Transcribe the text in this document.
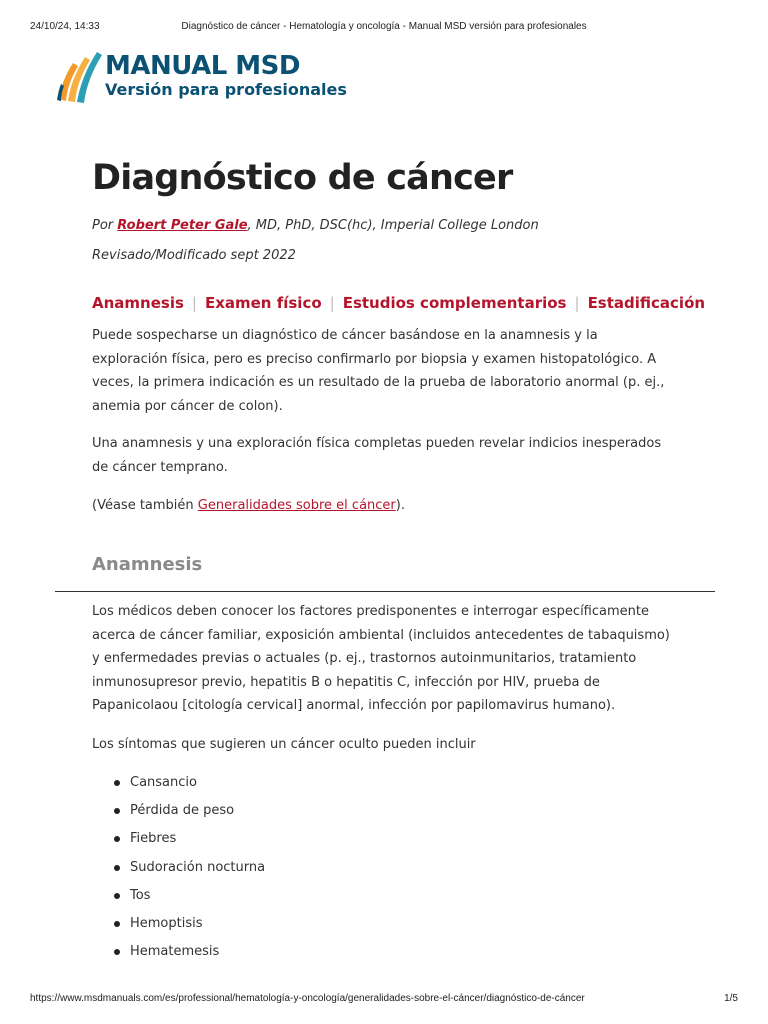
24/10/24, 14:33	Diagnóstico de cáncer - Hematología y oncología - Manual MSD versión para profesionales
MANUAL MSD
Versión para profesionales
Diagnóstico de cáncer
Por Robert Peter Gale, MD, PhD, DSC(hc), Imperial College London
Revisado/Modificado sept 2022
Anamnesis | Examen físico | Estudios complementarios | Estadificación

Puede sospecharse un diagnóstico de cáncer basándose en la anamnesis y la exploración física, pero es preciso confirmarlo por biopsia y examen histopatológico. A veces, la primera indicación es un resultado de la prueba de laboratorio anormal (p. ej., anemia por cáncer de colon).

Una anamnesis y una exploración física completas pueden revelar indicios inesperados de cáncer temprano.

(Véase también Generalidades sobre el cáncer).

Anamnesis

Los médicos deben conocer los factores predisponentes e interrogar específicamente acerca de cáncer familiar, exposición ambiental (incluidos antecedentes de tabaquismo) y enfermedades previas o actuales (p. ej., trastornos autoinmunitarios, tratamiento inmunosupresor previo, hepatitis B o hepatitis C, infección por HIV, prueba de Papanicolaou [citología cervical] anormal, infección por papilomavirus humano).

Los síntomas que sugieren un cáncer oculto pueden incluir

Cansancio
Pérdida de peso
Fiebres
Sudoración nocturna
Tos
Hemoptisis
Hematemesis
https://www.msdmanuals.com/es/professional/hematología-y-oncología/generalidades-sobre-el-cáncer/diagnóstico-de-cáncer	1/5
